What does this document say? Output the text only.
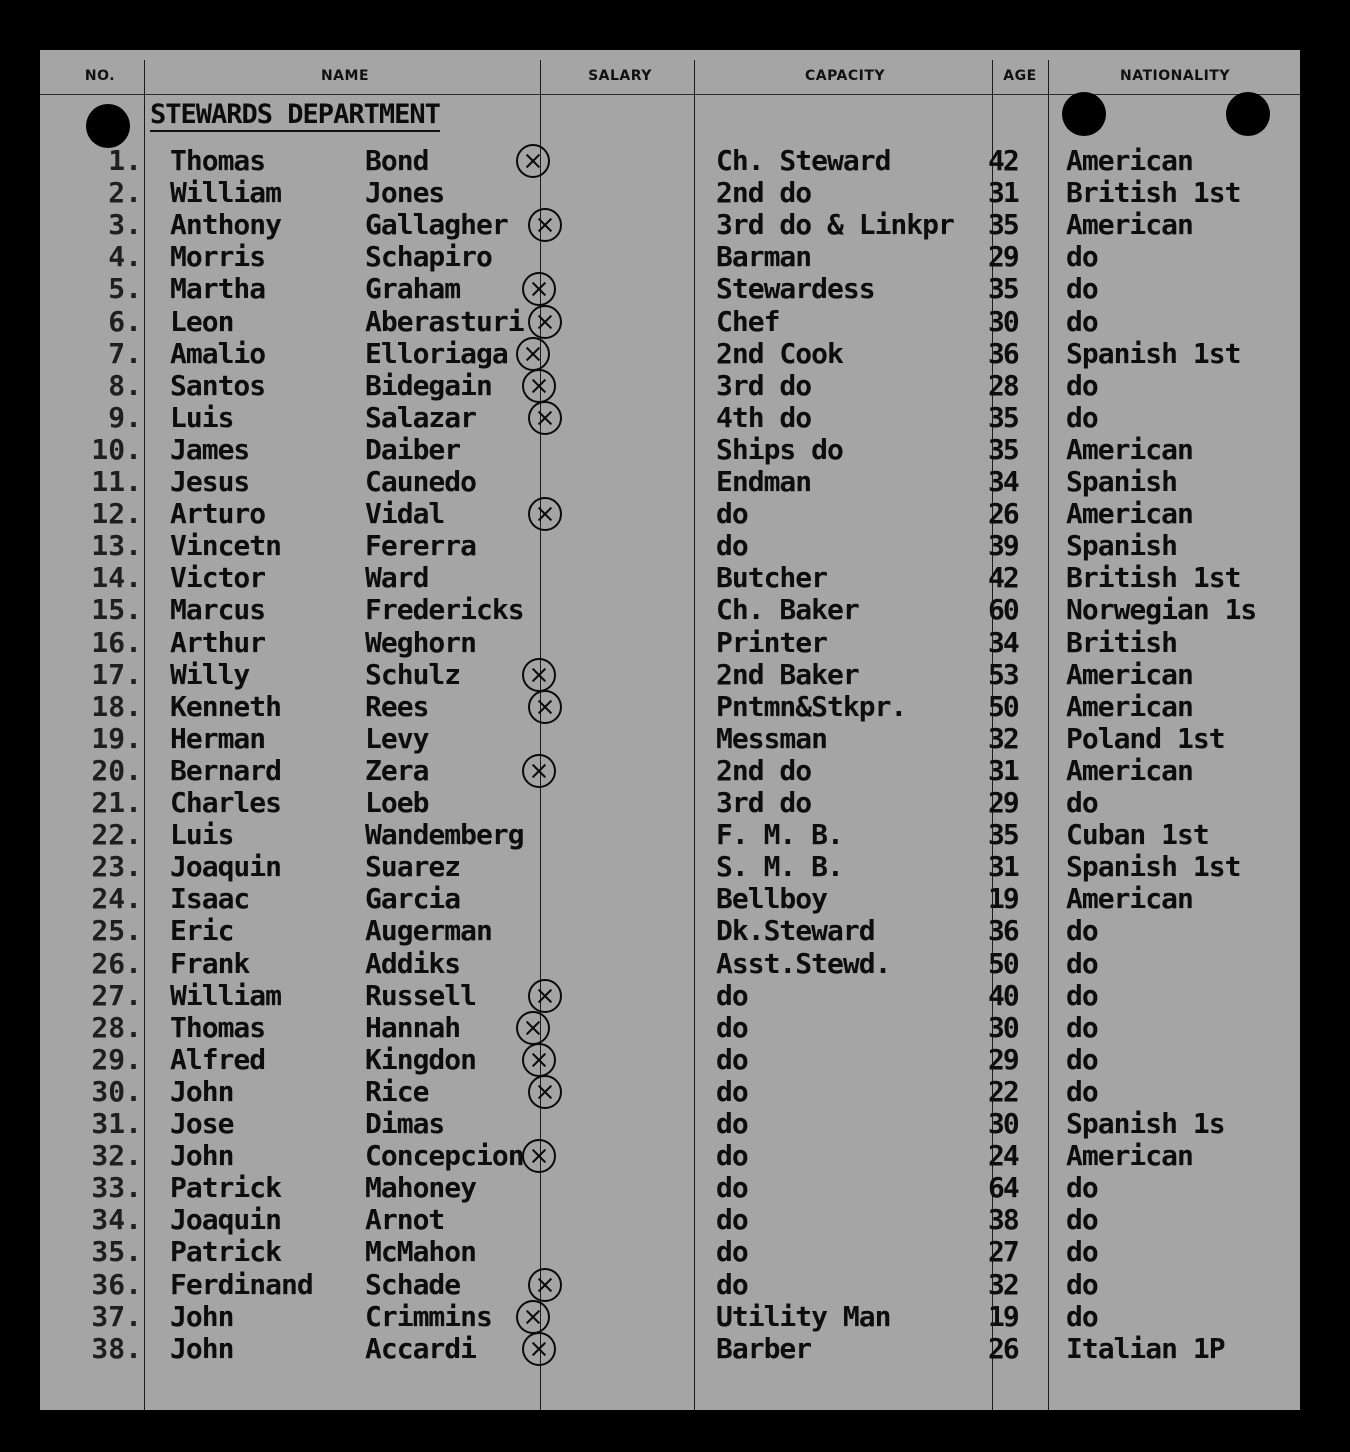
NO.	NAME	SALARY	CAPACITY	AGE	NATIONALITY
STEWARDS DEPARTMENT
1. Thomas	Bond	Ch. Steward	42 American
2. William	Jones	2nd do	31 British 1st
3. Anthony	Gallagher	3rd do & Linkpr 35 American
4. Morris	Schapiro	Barman	29 do
5. Martha	Graham	Stewardess	35 do
6. Leon	Aberasturi	Chef	30 do
7. Amalio	Elloriaga	2nd Cook	36 Spanish 1st
8. Santos	Bidegain	3rd do	28 do
9. Luis	Salazar	4th do	35 do
10. James	Daiber	Ships do	35 American
11. Jesus	Caunedo	Endman	34 Spanish
12. Arturo	Vidal	do	26 American
13. Vincetn	Fererra	do	39 Spanish
14. Victor	Ward	Butcher	42 British 1st
15. Marcus	Fredericks	Ch. Baker	60 Norwegian 1s
16. Arthur	Weghorn	Printer	34 British
17. Willy	Schulz	2nd Baker	53 American
18. Kenneth	Rees	Pntmn&Stkpr.	50 American
19. Herman	Levy	Messman	32 Poland 1st
20. Bernard	Zera	2nd do	31 American
21. Charles	Loeb	3rd do	29 do
22. Luis	Wandemberg	F. M. B.	35 Cuban 1st
23. Joaquin	Suarez	S. M. B.	31 Spanish 1st
24. Isaac	Garcia	Bellboy	19 American
25. Eric	Augerman	Dk.Steward	36 do
26. Frank	Addiks	Asst.Stewd.	50 do
27. William	Russell	do	40 do
28. Thomas	Hannah	do	30 do
29. Alfred	Kingdon	do	29 do
30. John	Rice	do	22 do
31. Jose	Dimas	do	30 Spanish 1s
32. John	Concepcion	do	24 American
33. Patrick	Mahoney	do	64 do
34. Joaquin	Arnot	do	38 do
35. Patrick	McMahon	do	27 do
36. Ferdinand Schade	do	32 do
37. John	Crimmins	Utility Man	19 do
38. John	Accardi	Barber	26 Italian 1P
